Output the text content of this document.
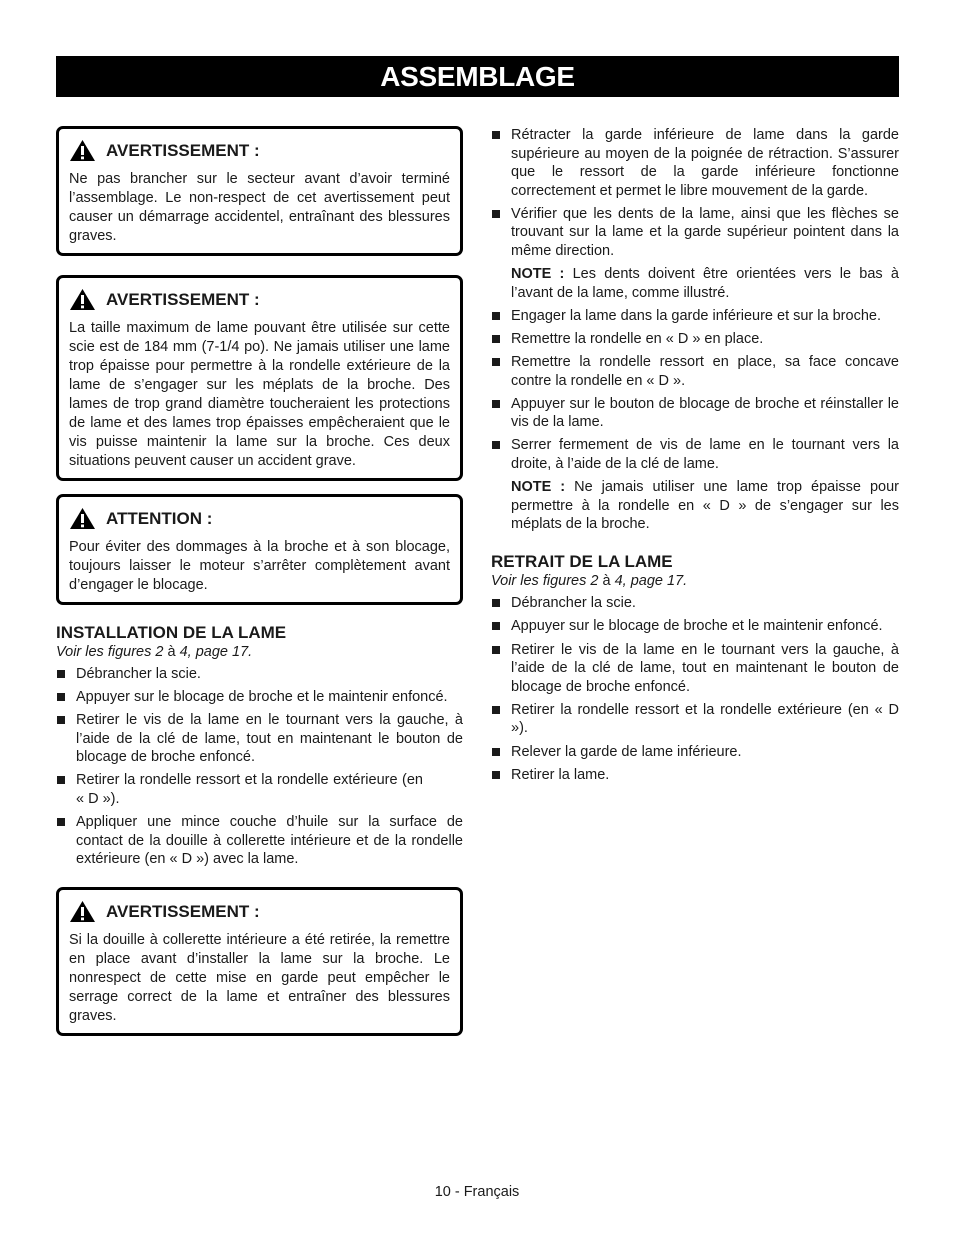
ASSEMBLAGE
AVERTISSEMENT :
Ne pas brancher sur le secteur avant d’avoir terminé l’assemblage. Le non-respect de cet avertissement peut causer un démarrage accidentel, entraînant des blessures graves.
AVERTISSEMENT :
La taille maximum de lame pouvant être utilisée sur cette scie est de 184 mm (7-1/4 po). Ne jamais utiliser une lame trop épaisse pour permettre à la rondelle extérieure de la lame de s’engager sur les méplats de la broche. Des lames de trop grand diamètre toucheraient les protections de lame et des lames trop épaisses empêcheraient que le vis puisse maintenir la lame sur la broche. Ces deux situations peuvent causer un accident grave.
ATTENTION :
Pour éviter des dommages à la broche et à son blocage, toujours laisser le moteur s’arrêter complètement avant d’engager le blocage.

INSTALLATION DE LA LAME

Voir les figures 2 à 4, page 17.

Débrancher la scie.
Appuyer sur le blocage de broche et le maintenir enfoncé.
Retirer le vis de la lame en le tournant vers la gauche, à l’aide de la clé de lame, tout en maintenant le bouton de blocage de broche enfoncé.
Retirer la rondelle ressort et la rondelle extérieure (en « D »).
Appliquer une mince couche d’huile sur la surface de contact de la douille à collerette intérieure et de la rondelle extérieure (en « D ») avec la lame.
AVERTISSEMENT :
Si la douille à collerette intérieure a été retirée, la remettre en place avant d’installer la lame sur la broche. Le nonrespect de cette mise en garde peut empêcher le serrage correct de la lame et entraîner des blessures graves.
Rétracter la garde inférieure de lame dans la garde supérieure au moyen de la poignée de rétraction. S’assurer que le ressort de la garde inférieure fonctionne correctement et permet le libre mouvement de la garde.
Vérifier que les dents de la lame, ainsi que les flèches se trouvant sur la lame et la garde supérieur pointent dans la même direction.

NOTE : Les dents doivent être orientées vers le bas à l’avant de la lame, comme illustré.

Engager la lame dans la garde inférieure et sur la broche.
Remettre la rondelle en « D » en place.
Remettre la rondelle ressort en place, sa face concave contre la rondelle en « D ».
Appuyer sur le bouton de blocage de broche et réinstaller le vis de la lame.
Serrer fermement de vis de lame en le tournant vers la droite, à l’aide de la clé de lame.

NOTE : Ne jamais utiliser une lame trop épaisse pour permettre à la rondelle en « D » de s’engager sur les méplats de la broche.

RETRAIT DE LA LAME

Voir les figures 2 à 4, page 17.

Débrancher la scie.
Appuyer sur le blocage de broche et le maintenir enfoncé.
Retirer le vis de la lame en le tournant vers la gauche, à l’aide de la clé de lame, tout en maintenant le bouton de blocage de broche enfoncé.
Retirer la rondelle ressort et la rondelle extérieure (en « D »).
Relever la garde de lame inférieure.
Retirer la lame.
10 - Français
